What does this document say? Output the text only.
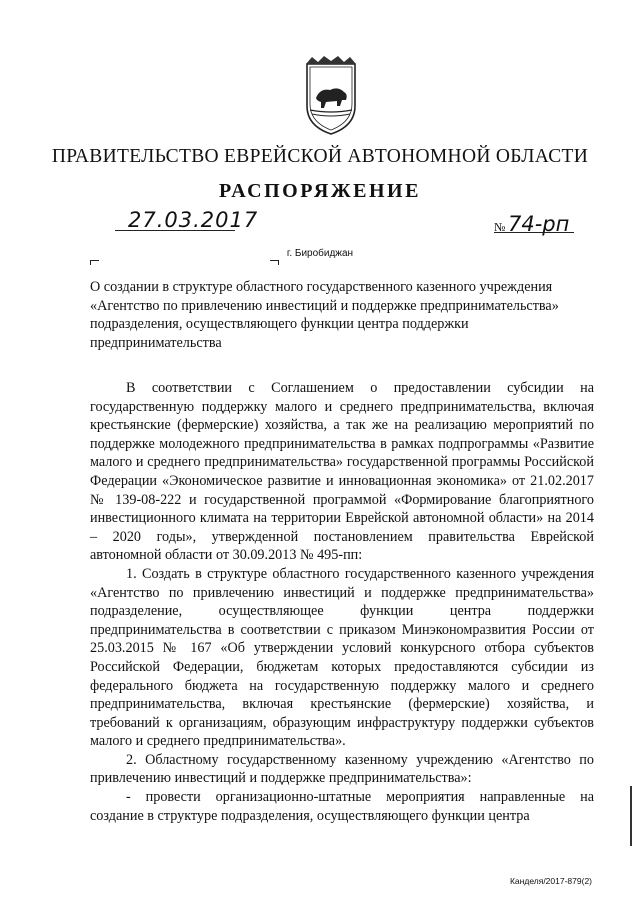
ПРАВИТЕЛЬСТВО ЕВРЕЙСКОЙ АВТОНОМНОЙ ОБЛАСТИ
РАСПОРЯЖЕНИЕ
27.03.2017	№ 74-рп
г. Биробиджан
О создании в структуре областного государственного казенного учреждения «Агентство по привлечению инвестиций и поддержке предпринимательства» подразделения, осуществляющего функции центра поддержки предпринимательства

В соответствии с Соглашением о предоставлении субсидии на государственную поддержку малого и среднего предпринимательства, включая крестьянские (фермерские) хозяйства, а так же на реализацию мероприятий по поддержке молодежного предпринимательства в рамках подпрограммы «Развитие малого и среднего предпринимательства» государственной программы Российской Федерации «Экономическое развитие и инновационная экономика» от 21.02.2017 № 139-08-222 и государственной программой «Формирование благоприятного инвестиционного климата на территории Еврейской автономной области» на 2014 – 2020 годы», утвержденной постановлением правительства Еврейской автономной области от 30.09.2013 № 495-пп:

1. Создать в структуре областного государственного казенного учреждения «Агентство по привлечению инвестиций и поддержке предпринимательства» подразделение, осуществляющее функции центра поддержки предпринимательства в соответствии с приказом Минэкономразвития России от 25.03.2015 № 167 «Об утверждении условий конкурсного отбора субъектов Российской Федерации, бюджетам которых предоставляются субсидии из федерального бюджета на государственную поддержку малого и среднего предпринимательства, включая крестьянские (фермерские) хозяйства, и требований к организациям, образующим инфраструктуру поддержки субъектов малого и среднего предпринимательства».

2. Областному государственному казенному учреждению «Агентство по привлечению инвестиций и поддержке предпринимательства»:

- провести организационно-штатные мероприятия направленные на создание в структуре подразделения, осуществляющего функции центра

Канделя/2017-879(2)
